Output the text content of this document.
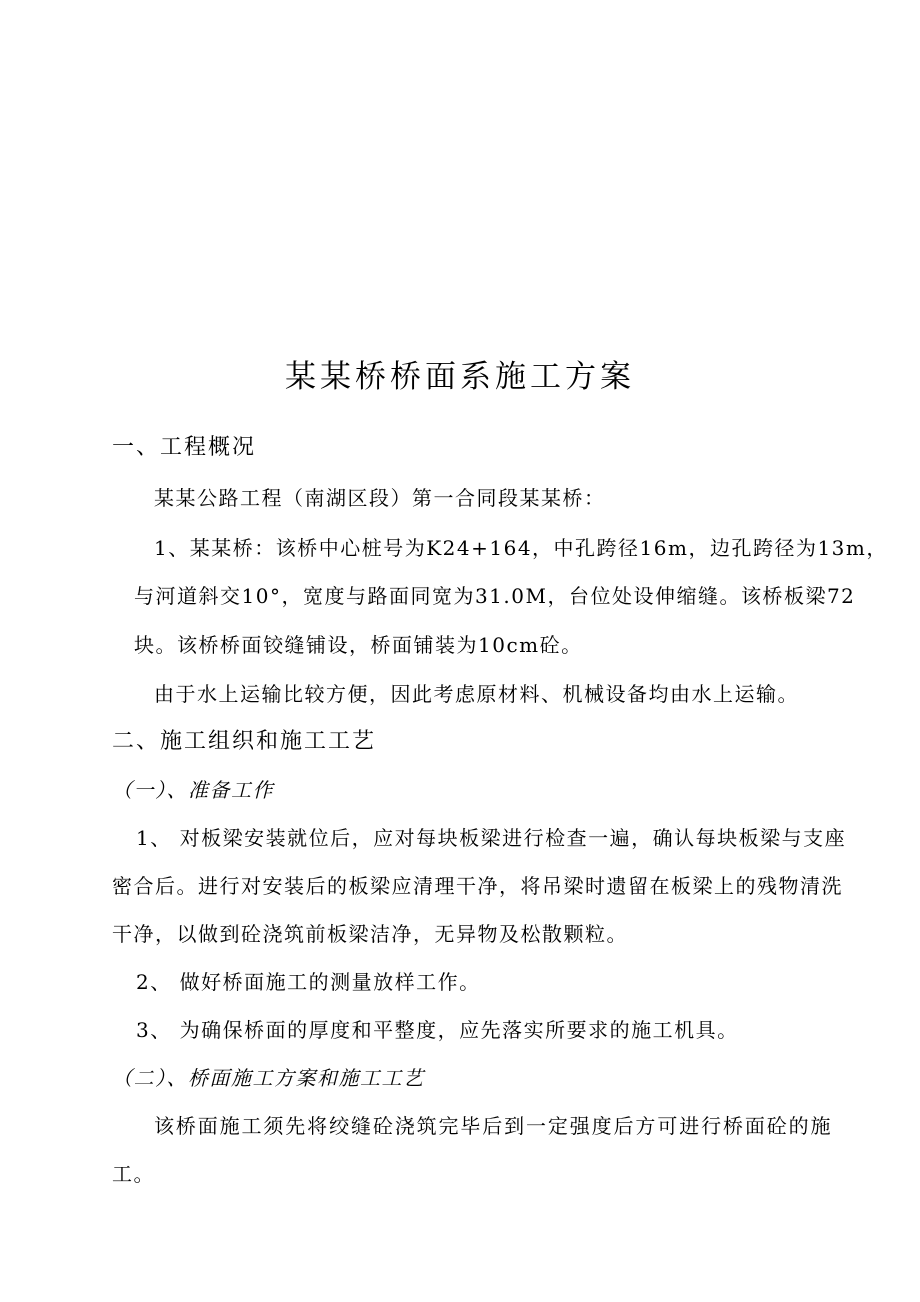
某某桥桥面系施工方案
一、工程概况
某某公路工程（南湖区段）第一合同段某某桥：
1、某某桥：该桥中心桩号为K24+164，中孔跨径16m，边孔跨径为13m，
与河道斜交10°，宽度与路面同宽为31.0M，台位处设伸缩缝。该桥板梁72
块。该桥桥面铰缝铺设，桥面铺装为10cm砼。
由于水上运输比较方便，因此考虑原材料、机械设备均由水上运输。
二、施工组织和施工工艺
（一）、准备工作
1、 对板梁安装就位后，应对每块板梁进行检查一遍，确认每块板梁与支座
密合后。进行对安装后的板梁应清理干净，将吊梁时遗留在板梁上的残物清洗
干净，以做到砼浇筑前板梁洁净，无异物及松散颗粒。
2、 做好桥面施工的测量放样工作。
3、 为确保桥面的厚度和平整度，应先落实所要求的施工机具。
（二）、桥面施工方案和施工工艺
该桥面施工须先将绞缝砼浇筑完毕后到一定强度后方可进行桥面砼的施
工。
